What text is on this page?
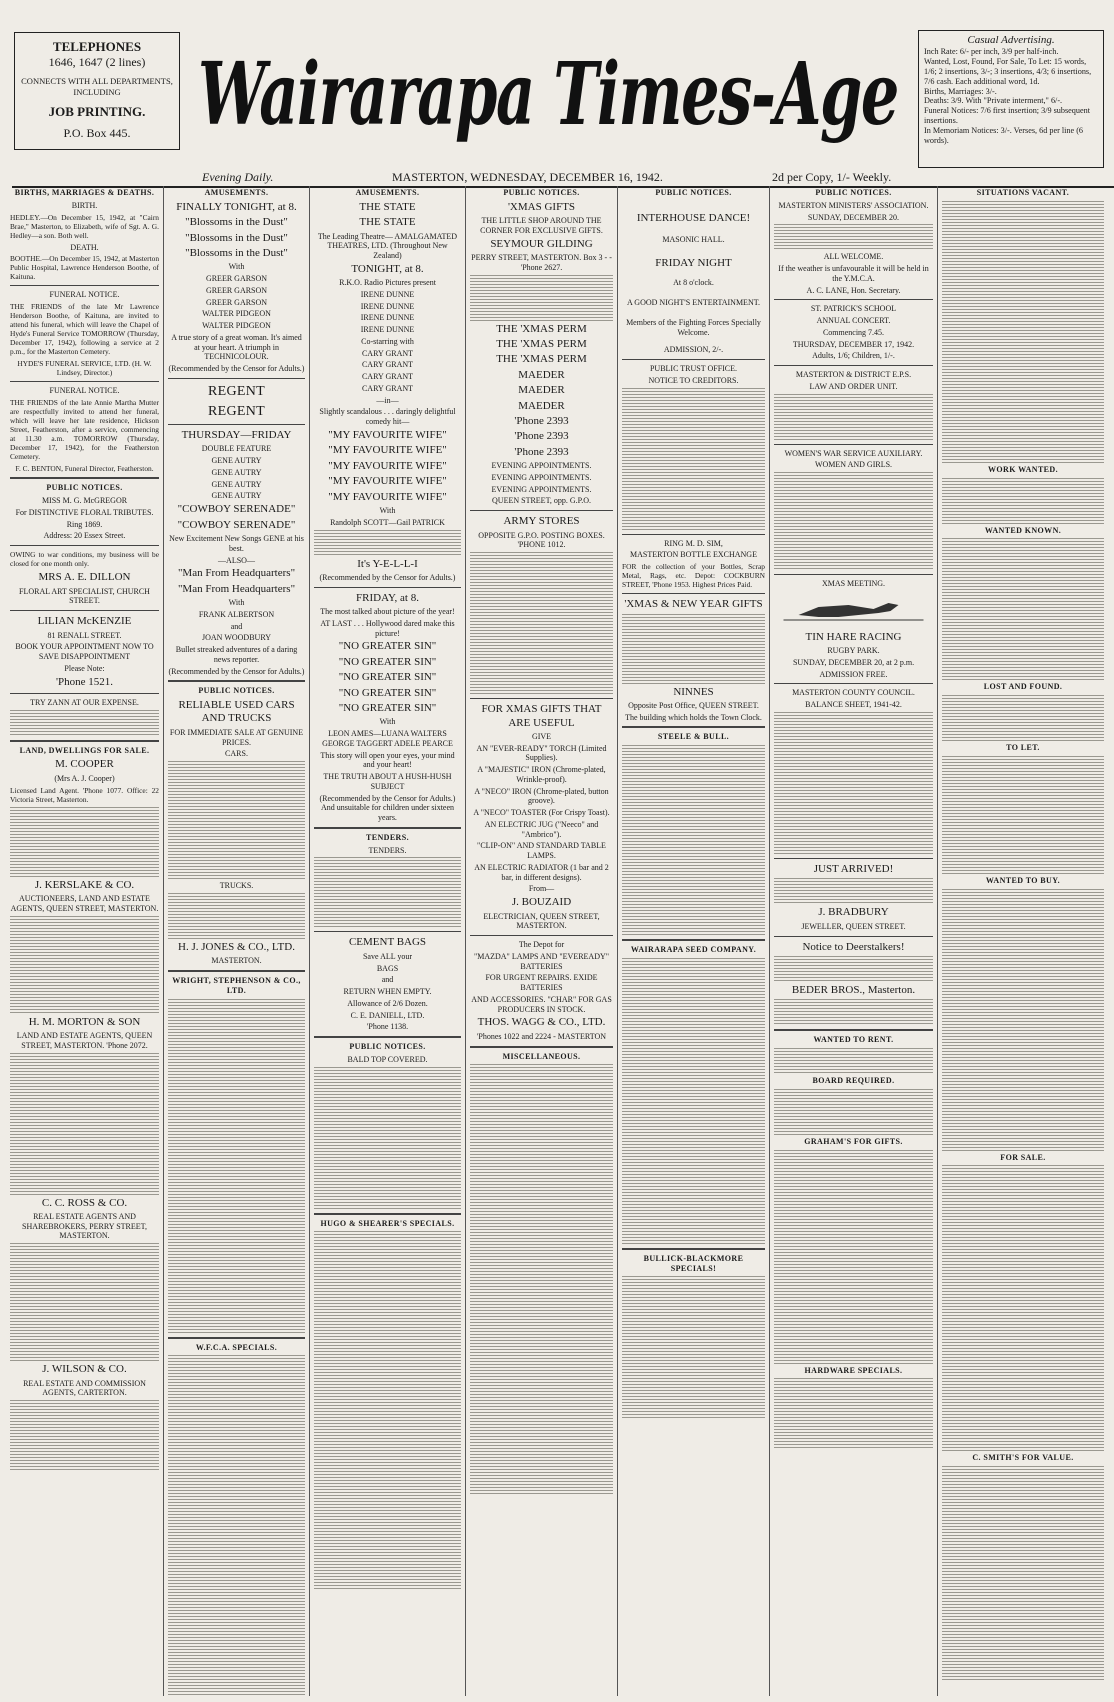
TELEPHONES
1646, 1647 (2 lines)
CONNECTS WITH ALL DEPARTMENTS, INCLUDING
JOB PRINTING.
P.O. Box 445. Wairarapa Times-Age
Casual Advertising.
Inch Rate: 6/- per inch, 3/9 per half-inch.
Wanted, Lost, Found, For Sale, To Let: 15 words, 1/6; 2 insertions, 3/-; 3 insertions, 4/3; 6 insertions, 7/6 cash. Each additional word, 1d.
Births, Marriages: 3/-.
Deaths: 3/9. With "Private interment," 6/-.
Funeral Notices: 7/6 first insertion; 3/9 subsequent insertions.
In Memoriam Notices: 3/-. Verses, 6d per line (6 words).
Evening Daily.	MASTERTON, WEDNESDAY, DECEMBER 16, 1942.	2d per Copy, 1/- Weekly.
BIRTHS, MARRIAGES & DEATHS.
BIRTH.

HEDLEY.—On December 15, 1942, at "Cairn Brae," Masterton, to Elizabeth, wife of Sgt. A. G. Hedley—a son. Both well.

DEATH.

BOOTHE.—On December 15, 1942, at Masterton Public Hospital, Lawrence Henderson Boothe, of Kaituna.

FUNERAL NOTICE.

THE FRIENDS of the late Mr Lawrence Henderson Boothe, of Kaituna, are invited to attend his funeral, which will leave the Chapel of Hyde's Funeral Service TOMORROW (Thursday, December 17, 1942), following a service at 2 p.m., for the Masterton Cemetery.

HYDE'S FUNERAL SERVICE, LTD. (H. W. Lindsey, Director.)

FUNERAL NOTICE.

THE FRIENDS of the late Annie Martha Mutter are respectfully invited to attend her funeral, which will leave her late residence, Hickson Street, Featherston, after a service, commencing at 11.30 a.m. TOMORROW (Thursday, December 17, 1942), for the Featherston Cemetery.

F. C. BENTON, Funeral Director, Featherston.

PUBLIC NOTICES.
MISS M. G. McGREGOR
For DISTINCTIVE FLORAL TRIBUTES.
Ring 1869.
Address: 20 Essex Street.

OWING to war conditions, my business will be closed for one month only.

MRS A. E. DILLON
FLORAL ART SPECIALIST, CHURCH STREET.
LILIAN McKENZIE
81 RENALL STREET.
BOOK YOUR APPOINTMENT NOW TO SAVE DISAPPOINTMENT
Please Note:
'Phone 1521.
TRY ZANN AT OUR EXPENSE.
LAND, DWELLINGS FOR SALE.
M. COOPER
(Mrs A. J. Cooper)

Licensed Land Agent. 'Phone 1077. Office: 22 Victoria Street, Masterton.

J. KERSLAKE & CO.
AUCTIONEERS, LAND AND ESTATE AGENTS, QUEEN STREET, MASTERTON.
H. M. MORTON & SON
LAND AND ESTATE AGENTS, QUEEN STREET, MASTERTON. 'Phone 2072.
C. C. ROSS & CO.
REAL ESTATE AGENTS AND SHAREBROKERS, PERRY STREET, MASTERTON.
J. WILSON & CO.
REAL ESTATE AND COMMISSION AGENTS, CARTERTON.
AMUSEMENTS.
FINALLY TONIGHT, at 8.
"Blossoms in the Dust"
"Blossoms in the Dust"
"Blossoms in the Dust"
With
GREER GARSON
GREER GARSON
GREER GARSON
WALTER PIDGEON
WALTER PIDGEON
A true story of a great woman. It's aimed at your heart. A triumph in TECHNICOLOUR.
(Recommended by the Censor for Adults.)
REGENT
REGENT
THURSDAY—FRIDAY
DOUBLE FEATURE
GENE AUTRY
GENE AUTRY
GENE AUTRY
GENE AUTRY
"COWBOY SERENADE"
"COWBOY SERENADE"
New Excitement New Songs GENE at his best.
—ALSO—
"Man From Headquarters"
"Man From Headquarters"
With
FRANK ALBERTSON
and
JOAN WOODBURY
Bullet streaked adventures of a daring news reporter.
(Recommended by the Censor for Adults.)
PUBLIC NOTICES.
RELIABLE USED CARS AND TRUCKS
FOR IMMEDIATE SALE AT GENUINE PRICES.
CARS.
TRUCKS.
H. J. JONES & CO., LTD.
MASTERTON.
WRIGHT, STEPHENSON & CO., LTD.
W.F.C.A. SPECIALS.
AMUSEMENTS.
THE STATE
THE STATE
The Leading Theatre— AMALGAMATED THEATRES, LTD. (Throughout New Zealand)
TONIGHT, at 8.
R.K.O. Radio Pictures present
IRENE DUNNE
IRENE DUNNE
IRENE DUNNE
IRENE DUNNE
Co-starring with
CARY GRANT
CARY GRANT
CARY GRANT
CARY GRANT
—in—
Slightly scandalous . . . daringly delightful comedy hit—
"MY FAVOURITE WIFE"
"MY FAVOURITE WIFE"
"MY FAVOURITE WIFE"
"MY FAVOURITE WIFE"
"MY FAVOURITE WIFE"
With
Randolph SCOTT—Gail PATRICK
It's Y-E-L-L-I
(Recommended by the Censor for Adults.)
FRIDAY, at 8.
The most talked about picture of the year!
AT LAST . . . Hollywood dared make this picture!
"NO GREATER SIN"
"NO GREATER SIN"
"NO GREATER SIN"
"NO GREATER SIN"
"NO GREATER SIN"
With
LEON AMES—LUANA WALTERS GEORGE TAGGERT ADELE PEARCE
This story will open your eyes, your mind and your heart!
THE TRUTH ABOUT A HUSH-HUSH SUBJECT
(Recommended by the Censor for Adults.) And unsuitable for children under sixteen years.
TENDERS.
TENDERS.
CEMENT BAGS
Save ALL your
BAGS
and
RETURN WHEN EMPTY.
Allowance of 2/6 Dozen.
C. E. DANIELL, LTD.
'Phone 1138.
PUBLIC NOTICES.
BALD TOP COVERED.
HUGO & SHEARER'S SPECIALS.
PUBLIC NOTICES.
'XMAS GIFTS
THE LITTLE SHOP AROUND THE CORNER FOR EXCLUSIVE GIFTS.
SEYMOUR GILDING
PERRY STREET, MASTERTON. Box 3 - - 'Phone 2627.
THE 'XMAS PERM
THE 'XMAS PERM
THE 'XMAS PERM
MAEDER
MAEDER
MAEDER
'Phone 2393
'Phone 2393
'Phone 2393
EVENING APPOINTMENTS.
EVENING APPOINTMENTS.
EVENING APPOINTMENTS.
QUEEN STREET, opp. G.P.O.
ARMY STORES
OPPOSITE G.P.O. POSTING BOXES. 'PHONE 1012.
FOR XMAS GIFTS THAT ARE USEFUL
GIVE
AN "EVER-READY" TORCH (Limited Supplies).
A "MAJESTIC" IRON (Chrome-plated, Wrinkle-proof).
A "NECO" IRON (Chrome-plated, button groove).
A "NECO" TOASTER (For Crispy Toast).
AN ELECTRIC JUG ("Neeco" and "Ambrico").
"CLIP-ON" AND STANDARD TABLE LAMPS.
AN ELECTRIC RADIATOR (1 bar and 2 bar, in different designs).
From—
J. BOUZAID
ELECTRICIAN, QUEEN STREET, MASTERTON.
The Depot for
"MAZDA" LAMPS AND "EVEREADY" BATTERIES
FOR URGENT REPAIRS. EXIDE BATTERIES
AND ACCESSORIES. "CHAR" FOR GAS PRODUCERS IN STOCK.
THOS. WAGG & CO., LTD.
'Phones 1022 and 2224 - MASTERTON
MISCELLANEOUS.
PUBLIC NOTICES.
INTERHOUSE DANCE!
MASONIC HALL.
FRIDAY NIGHT
At 8 o'clock.
A GOOD NIGHT'S ENTERTAINMENT.
Members of the Fighting Forces Specially Welcome.
ADMISSION, 2/-.
PUBLIC TRUST OFFICE.
NOTICE TO CREDITORS.
RING M. D. SIM,
MASTERTON BOTTLE EXCHANGE

FOR the collection of your Bottles, Scrap Metal, Rags, etc. Depot: COCKBURN STREET, 'Phone 1953. Highest Prices Paid.

'XMAS & NEW YEAR GIFTS
NINNES
Opposite Post Office, QUEEN STREET.
The building which holds the Town Clock.
STEELE & BULL.
WAIRARAPA SEED COMPANY.
BULLICK-BLACKMORE SPECIALS!
PUBLIC NOTICES.
MASTERTON MINISTERS' ASSOCIATION.
SUNDAY, DECEMBER 20.
ALL WELCOME.
If the weather is unfavourable it will be held in the Y.M.C.A.
A. C. LANE, Hon. Secretary.
ST. PATRICK'S SCHOOL
ANNUAL CONCERT.
Commencing 7.45.
THURSDAY, DECEMBER 17, 1942.
Adults, 1/6; Children, 1/-.
MASTERTON & DISTRICT E.P.S.
LAW AND ORDER UNIT.
WOMEN'S WAR SERVICE AUXILIARY.
WOMEN AND GIRLS.
XMAS MEETING.
TIN HARE RACING
RUGBY PARK.
SUNDAY, DECEMBER 20, at 2 p.m.
ADMISSION FREE.
MASTERTON COUNTY COUNCIL.
BALANCE SHEET, 1941-42.
JUST ARRIVED!
J. BRADBURY
JEWELLER, QUEEN STREET.
Notice to Deerstalkers!
BEDER BROS., Masterton.
WANTED TO RENT.
BOARD REQUIRED.
GRAHAM'S FOR GIFTS.
HARDWARE SPECIALS.
SITUATIONS VACANT.
WORK WANTED.
WANTED KNOWN.
LOST AND FOUND.
TO LET.
WANTED TO BUY.
FOR SALE.
C. SMITH'S FOR VALUE.
